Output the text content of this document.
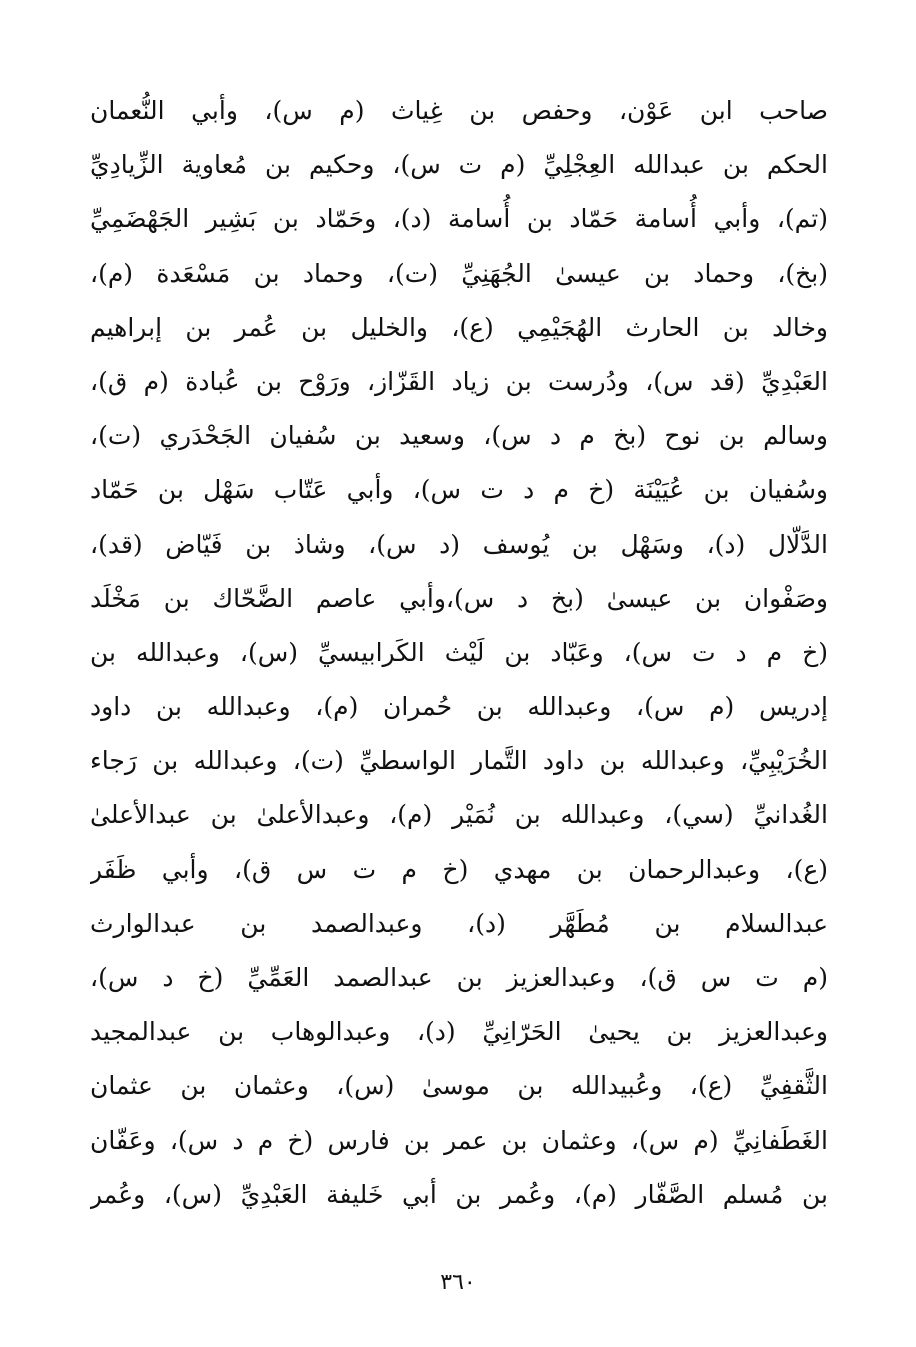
صاحب ابن عَوْن، وحفص بن غِياث (م س)، وأبي النُّعمان
الحكم بن عبدالله العِجْلِيِّ (م ت س)، وحكيم بن مُعاوية الزِّيادِيِّ
(تم)، وأبي أُسامة حَمّاد بن أُسامة (د)، وحَمّاد بن بَشِير الجَهْضَمِيِّ
(بخ)، وحماد بن عيسىٰ الجُهَنِيِّ (ت)، وحماد بن مَسْعَدة (م)،
وخالد بن الحارث الهُجَيْمِي (ع)، والخليل بن عُمر بن إبراهيم
العَبْدِيِّ (قد س)، ودُرست بن زياد القَزّاز، ورَوْح بن عُبادة (م ق)،
وسالم بن نوح (بخ م د س)، وسعيد بن سُفيان الجَحْدَري (ت)،
وسُفيان بن عُيَيْنَة (خ م د ت س)، وأبي عَتّاب سَهْل بن حَمّاد
الدَّلّال (د)، وسَهْل بن يُوسف (د س)، وشاذ بن فَيّاض (قد)،
وصَفْوان بن عيسىٰ (بخ د س)،وأبي عاصم الضَّحّاك بن مَخْلَد
(خ م د ت س)، وعَبّاد بن لَيْث الكَرابيسيِّ (س)، وعبدالله بن
إدريس (م س)، وعبدالله بن حُمران (م)، وعبدالله بن داود
الخُرَيْبِيِّ، وعبدالله بن داود التَّمار الواسطيِّ (ت)، وعبدالله بن رَجاء
الغُدانيِّ (سي)، وعبدالله بن نُمَيْر (م)، وعبدالأعلىٰ بن عبدالأعلىٰ
(ع)، وعبدالرحمان بن مهدي (خ م ت س ق)، وأبي ظَفَر
عبدالسلام بن مُطَهَّر (د)، وعبدالصمد بن عبدالوارث
(م ت س ق)، وعبدالعزيز بن عبدالصمد العَمِّيِّ (خ د س)،
وعبدالعزيز بن يحيىٰ الحَرّانِيِّ (د)، وعبدالوهاب بن عبدالمجيد
الثَّقفِيِّ (ع)، وعُبيدالله بن موسىٰ (س)، وعثمان بن عثمان
الغَطَفانِيِّ (م س)، وعثمان بن عمر بن فارس (خ م د س)، وعَفّان
بن مُسلم الصَّفّار (م)، وعُمر بن أبي خَليفة العَبْدِيِّ (س)، وعُمر
٣٦٠
